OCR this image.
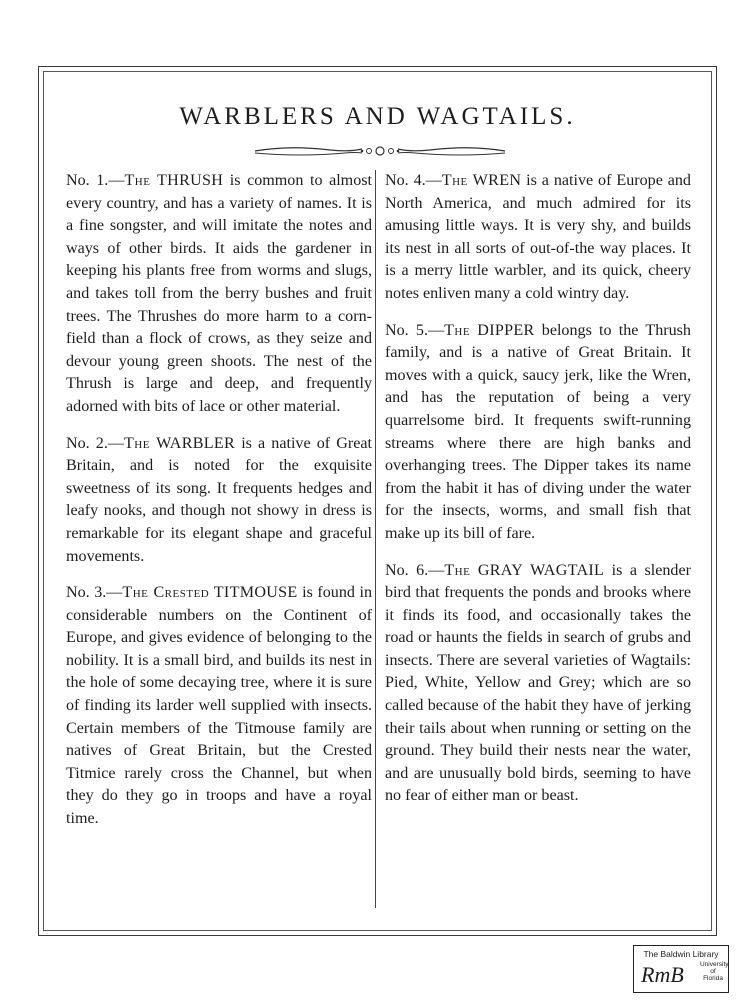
WARBLERS AND WAGTAILS.

No. 1.—The THRUSH is common to almost every country, and has a variety of names. It is a fine songster, and will imitate the notes and ways of other birds. It aids the gardener in keeping his plants free from worms and slugs, and takes toll from the berry bushes and fruit trees. The Thrushes do more harm to a corn-field than a flock of crows, as they seize and devour young green shoots. The nest of the Thrush is large and deep, and frequently adorned with bits of lace or other material.

No. 2.—The WARBLER is a native of Great Britain, and is noted for the exquisite sweetness of its song. It frequents hedges and leafy nooks, and though not showy in dress is remarkable for its elegant shape and graceful movements.

No. 3.—The Crested TITMOUSE is found in considerable numbers on the Continent of Europe, and gives evidence of belonging to the nobility. It is a small bird, and builds its nest in the hole of some decaying tree, where it is sure of finding its larder well supplied with insects. Certain members of the Titmouse family are natives of Great Britain, but the Crested Titmice rarely cross the Channel, but when they do they go in troops and have a royal time.

No. 4.—The WREN is a native of Europe and North America, and much admired for its amusing little ways. It is very shy, and builds its nest in all sorts of out-of-the way places. It is a merry little warbler, and its quick, cheery notes enliven many a cold wintry day.

No. 5.—The DIPPER belongs to the Thrush family, and is a native of Great Britain. It moves with a quick, saucy jerk, like the Wren, and has the reputation of being a very quarrelsome bird. It frequents swift-running streams where there are high banks and overhanging trees. The Dipper takes its name from the habit it has of diving under the water for the insects, worms, and small fish that make up its bill of fare.

No. 6.—The GRAY WAGTAIL is a slender bird that frequents the ponds and brooks where it finds its food, and occasionally takes the road or haunts the fields in search of grubs and insects. There are several varieties of Wagtails: Pied, White, Yellow and Grey; which are so called because of the habit they have of jerking their tails about when running or setting on the ground. They build their nests near the water, and are unusually bold birds, seeming to have no fear of either man or beast.

The Baldwin Library
RmB University of Florida
